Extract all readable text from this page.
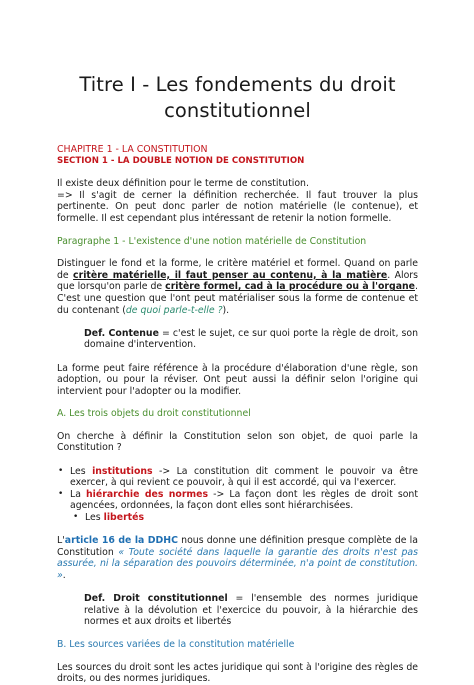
Titre I - Les fondements du droit
constitutionnel

CHAPITRE 1 - LA CONSTITUTION

SECTION 1 - LA DOUBLE NOTION DE CONSTITUTION

Il existe deux définition pour le terme de constitution.

=> Il s'agit de cerner la définition recherchée. Il faut trouver la plus pertinente. On peut donc parler de notion matérielle (le contenue), et formelle. Il est cependant plus intéressant de retenir la notion formelle.

Paragraphe 1 - L'existence d'une notion matérielle de Constitution

Distinguer le fond et la forme, le critère matériel et formel. Quand on parle de critère matérielle, il faut penser au contenu, à la matière. Alors que lorsqu'on parle de critère formel, cad à la procédure ou à l'organe. C'est une question que l'ont peut matérialiser sous la forme de contenue et du contenant (de quoi parle-t-elle ?).

Def. Contenue = c'est le sujet, ce sur quoi porte la règle de droit, son domaine d'intervention.

La forme peut faire référence à la procédure d'élaboration d'une règle, son adoption, ou pour la réviser. Ont peut aussi la définir selon l'origine qui intervient pour l'adopter ou la modifier.

A. Les trois objets du droit constitutionnel

On cherche à définir la Constitution selon son objet, de quoi parle la Constitution ?

• Les institutions -> La constitution dit comment le pouvoir va être exercer, à qui revient ce pouvoir, à qui il est accordé, qui va l'exercer.
• La hiérarchie des normes -> La façon dont les règles de droit sont agencées, ordonnées, la façon dont elles sont hiérarchisées.
• Les libertés

L'article 16 de la DDHC nous donne une définition presque complète de la Constitution « Toute société dans laquelle la garantie des droits n'est pas assurée, ni la séparation des pouvoirs déterminée, n'a point de constitution. ».

Def. Droit constitutionnel = l'ensemble des normes juridique relative à la dévolution et l'exercice du pouvoir, à la hiérarchie des normes et aux droits et libertés

B. Les sources variées de la constitution matérielle

Les sources du droit sont les actes juridique qui sont à l'origine des règles de droits, ou des normes juridiques.
